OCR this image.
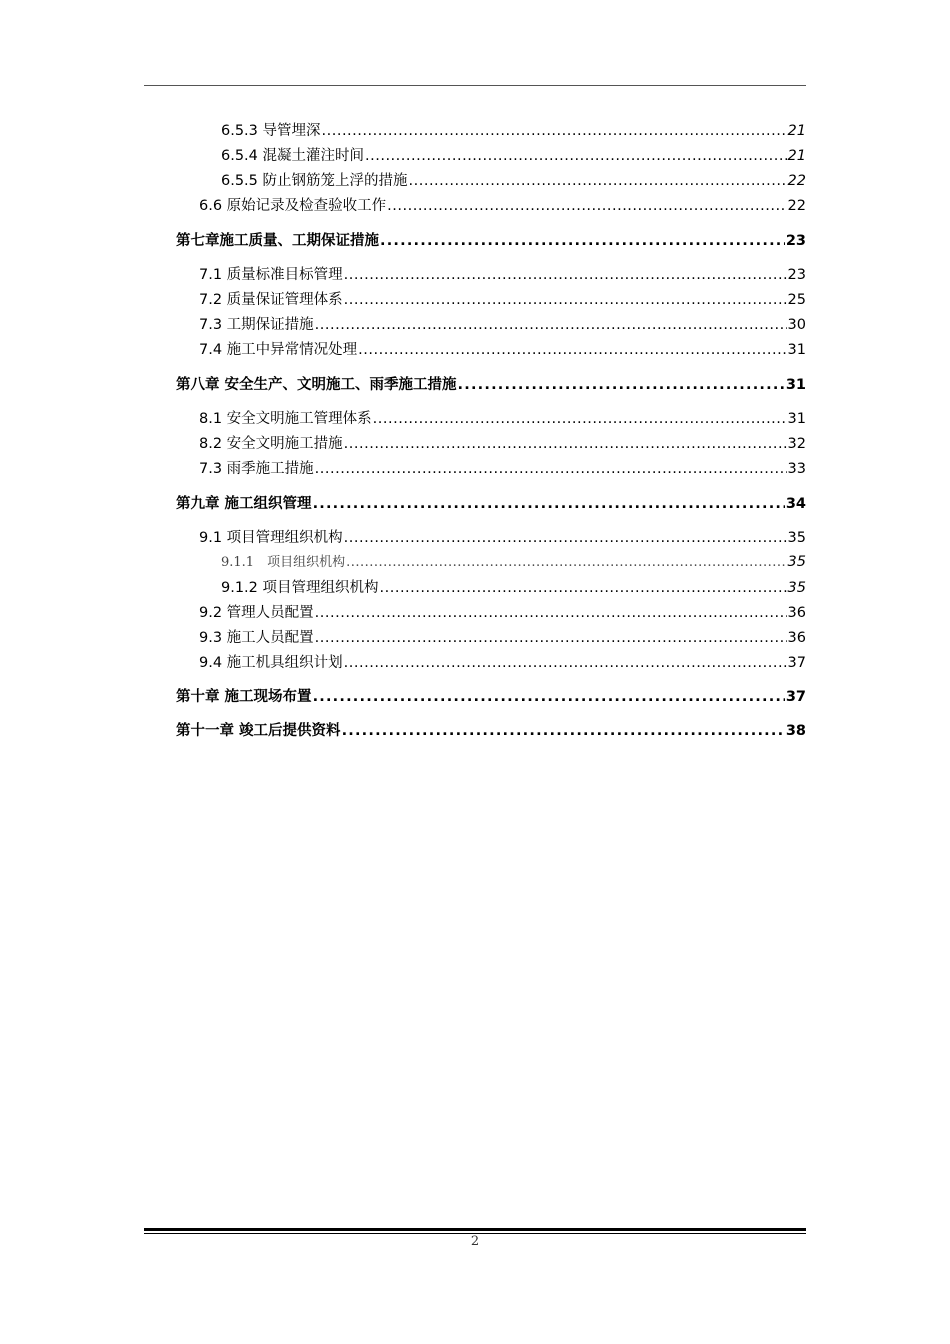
6.5.3 导管埋深 .....	21
6.5.4 混凝土灌注时间 .....	21
6.5.5 防止钢筋笼上浮的措施 .....	22
6.6 原始记录及检查验收工作 .....	22
第七章施工质量、工期保证措施 .....	23
7.1 质量标准目标管理 .....	23
7.2 质量保证管理体系 .....	25
7.3 工期保证措施 .....	30
7.4 施工中异常情况处理 .....	31
第八章 安全生产、文明施工、雨季施工措施 .....	31
8.1 安全文明施工管理体系 .....	31
8.2 安全文明施工措施 .....	32
7.3 雨季施工措施 .....	33
第九章 施工组织管理 .....	34
9.1 项目管理组织机构 .....	35
9.1.1　项目组织机构 .....	35
9.1.2 项目管理组织机构 .....	35
9.2 管理人员配置 .....	36
9.3 施工人员配置 .....	36
9.4 施工机具组织计划 .....	37
第十章 施工现场布置 .....	37
第十一章 竣工后提供资料 .....	38
2
